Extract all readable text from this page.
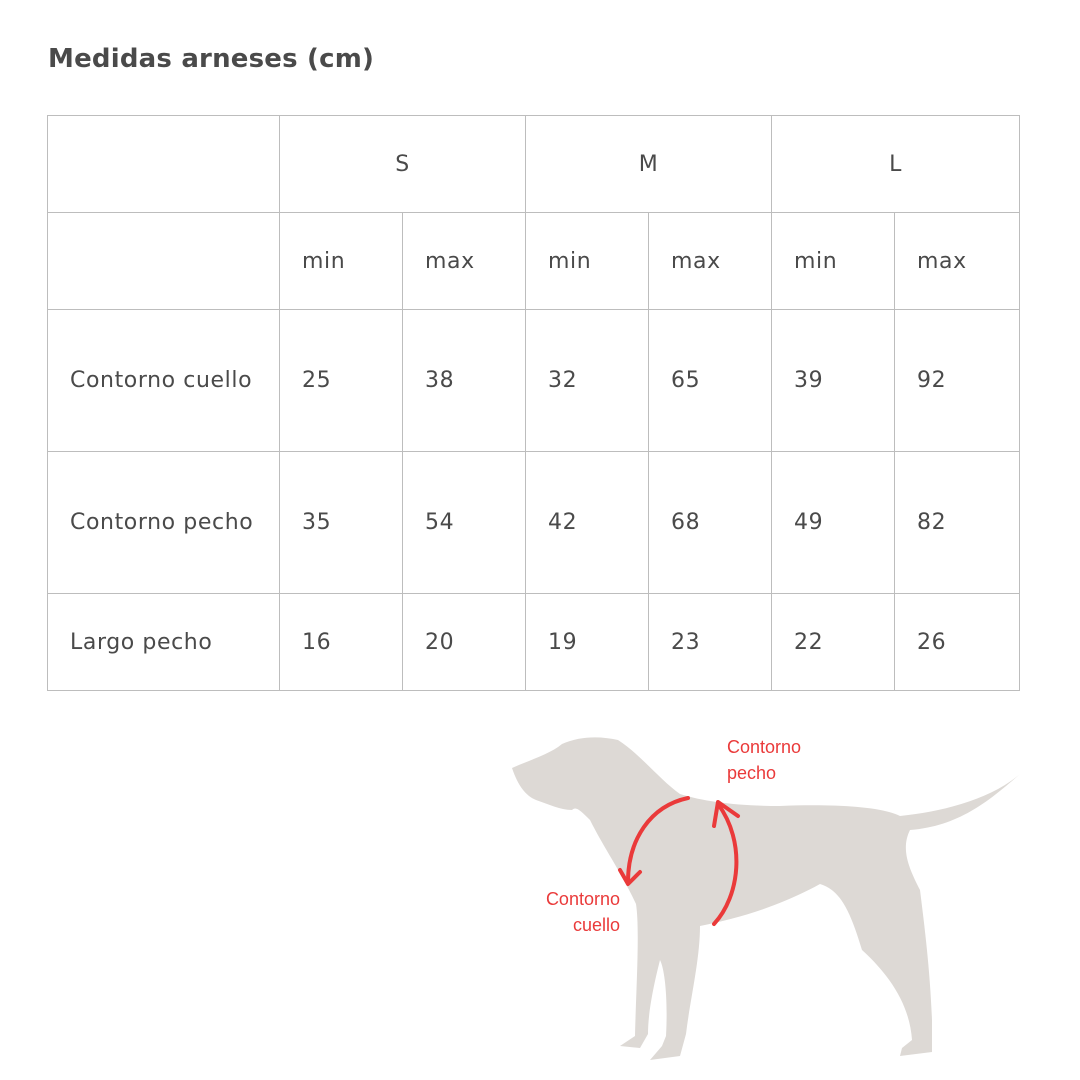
Medidas arneses (cm)
	S		M		L	
	min	max	min	max	min	max
Contorno cuello	25	38	32	65	39	92
Contorno pecho	35	54	42	68	49	82
Largo pecho	16	20	19	23	22	26
Contorno pecho
Contorno cuello
